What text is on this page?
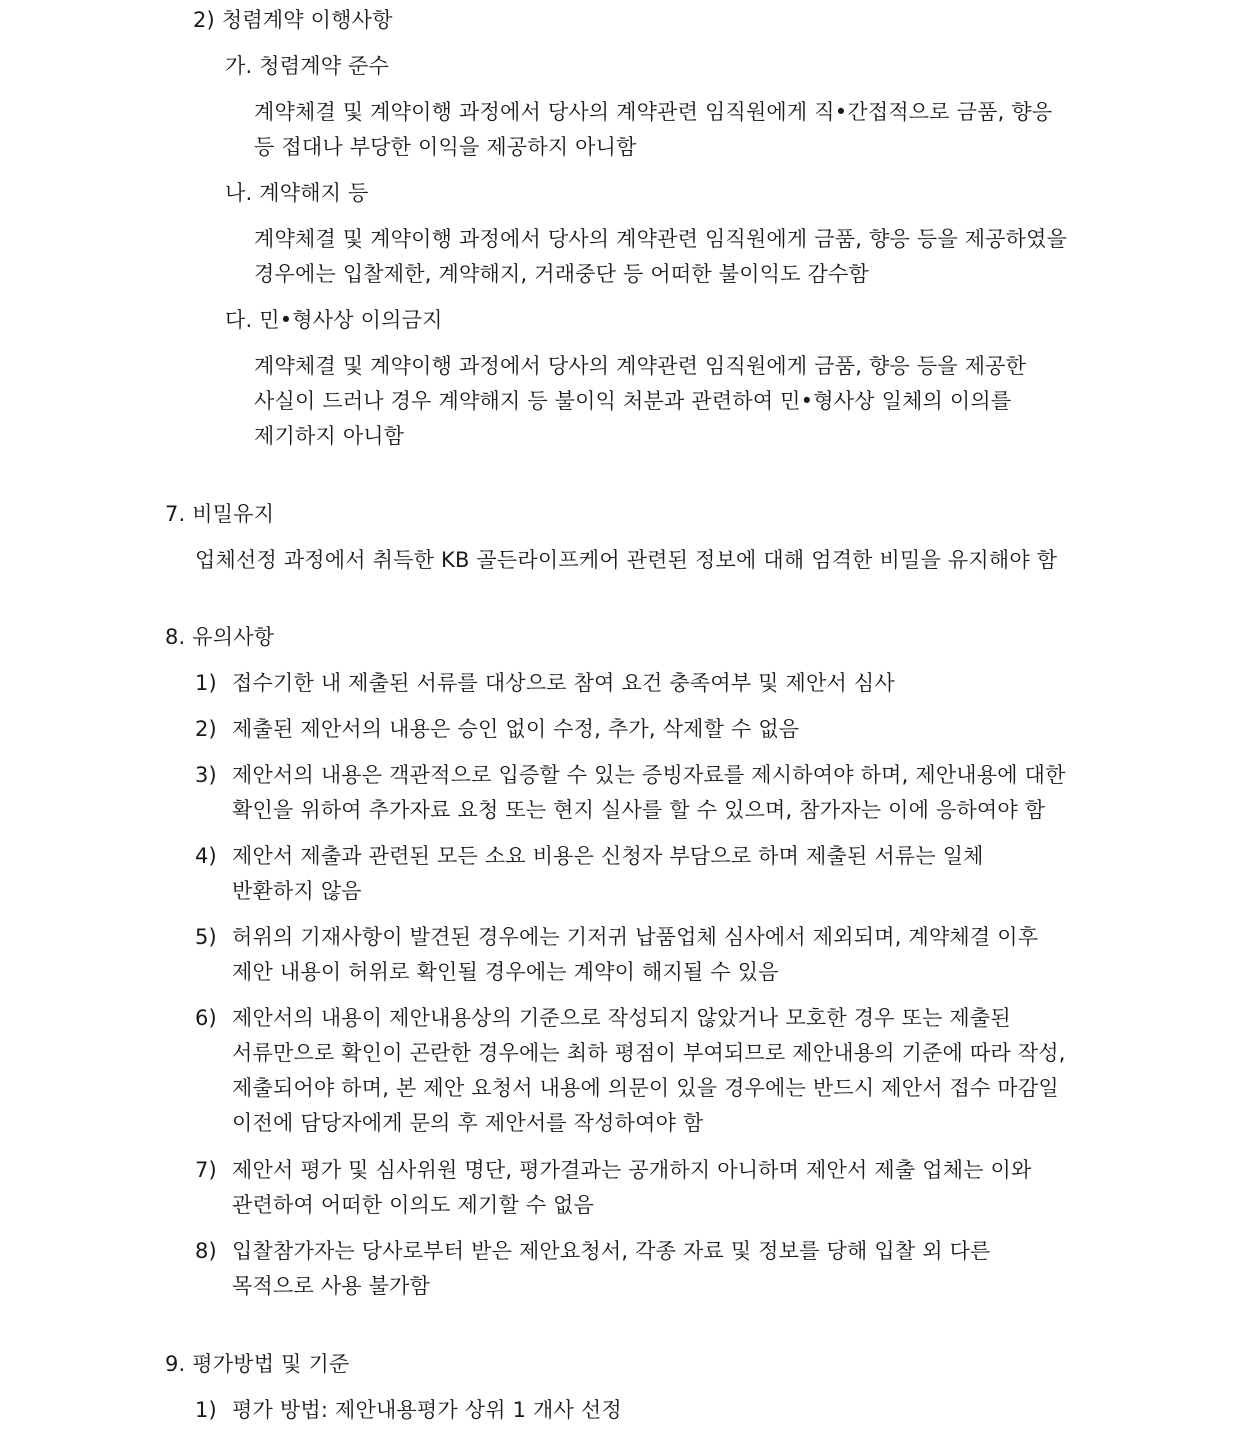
2) 청렴계약 이행사항

가. 청렴계약 준수

계약체결 및 계약이행 과정에서 당사의 계약관련 임직원에게 직•간접적으로 금품, 향응

등 접대나 부당한 이익을 제공하지 아니함

나. 계약해지 등

계약체결 및 계약이행 과정에서 당사의 계약관련 임직원에게 금품, 향응 등을 제공하였을

경우에는 입찰제한, 계약해지, 거래중단 등 어떠한 불이익도 감수함

다. 민•형사상 이의금지

계약체결 및 계약이행 과정에서 당사의 계약관련 임직원에게 금품, 향응 등을 제공한

사실이 드러나 경우 계약해지 등 불이익 처분과 관련하여 민•형사상 일체의 이의를

제기하지 아니함

7. 비밀유지

업체선정 과정에서 취득한 KB 골든라이프케어 관련된 정보에 대해 엄격한 비밀을 유지해야 함

8. 유의사항

1) 접수기한 내 제출된 서류를 대상으로 참여 요건 충족여부 및 제안서 심사

2) 제출된 제안서의 내용은 승인 없이 수정, 추가, 삭제할 수 없음

3) 제안서의 내용은 객관적으로 입증할 수 있는 증빙자료를 제시하여야 하며, 제안내용에 대한

확인을 위하여 추가자료 요청 또는 현지 실사를 할 수 있으며, 참가자는 이에 응하여야 함

4) 제안서 제출과 관련된 모든 소요 비용은 신청자 부담으로 하며 제출된 서류는 일체

반환하지 않음

5) 허위의 기재사항이 발견된 경우에는 기저귀 납품업체 심사에서 제외되며, 계약체결 이후

제안 내용이 허위로 확인될 경우에는 계약이 해지될 수 있음

6) 제안서의 내용이 제안내용상의 기준으로 작성되지 않았거나 모호한 경우 또는 제출된

서류만으로 확인이 곤란한 경우에는 최하 평점이 부여되므로 제안내용의 기준에 따라 작성,

제출되어야 하며, 본 제안 요청서 내용에 의문이 있을 경우에는 반드시 제안서 접수 마감일

이전에 담당자에게 문의 후 제안서를 작성하여야 함

7) 제안서 평가 및 심사위원 명단, 평가결과는 공개하지 아니하며 제안서 제출 업체는 이와

관련하여 어떠한 이의도 제기할 수 없음

8) 입찰참가자는 당사로부터 받은 제안요청서, 각종 자료 및 정보를 당해 입찰 외 다른

목적으로 사용 불가함

9. 평가방법 및 기준

1) 평가 방법: 제안내용평가 상위 1 개사 선정
